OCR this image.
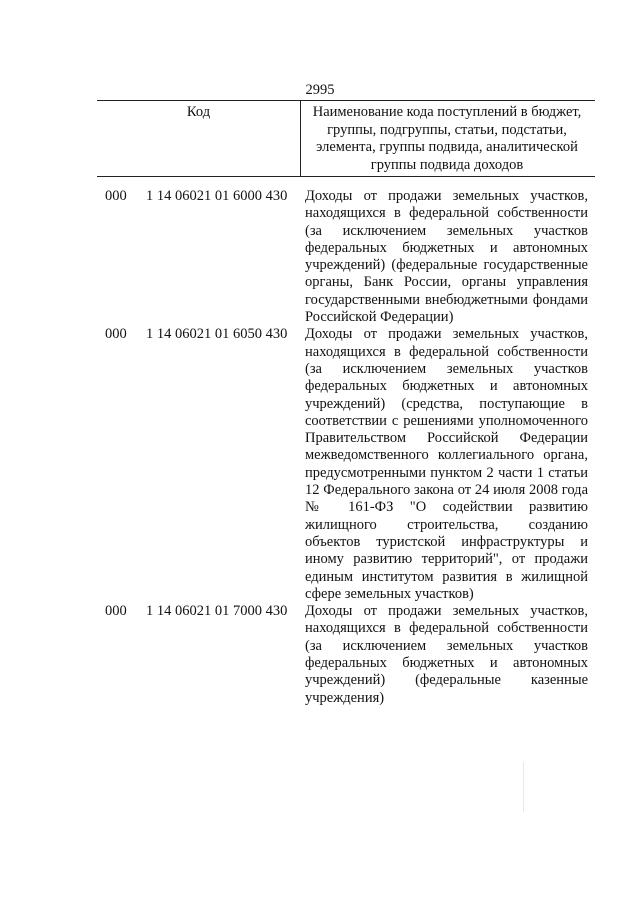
2995
Код	Наименование кода поступлений в бюджет, группы, подгруппы, статьи, подстатьи, элемента, группы подвида, аналитической группы подвида доходов
000 1 14 06021 01 6000 430 Доходы от продажи земельных участков, находящихся в федеральной собственности (за исключением земельных участков федеральных бюджетных и автономных учреждений) (федеральные государственные органы, Банк России, органы управления государственными внебюджетными фондами Российской Федерации)
000 1 14 06021 01 6050 430 Доходы от продажи земельных участков, находящихся в федеральной собственности (за исключением земельных участков федеральных бюджетных и автономных учреждений) (средства, поступающие в соответствии с решениями уполномоченного Правительством Российской Федерации межведомственного коллегиального органа, предусмотренными пунктом 2 части 1 статьи 12 Федерального закона от 24 июля 2008 года № 161-ФЗ "О содействии развитию жилищного строительства, созданию объектов туристской инфраструктуры и иному развитию территорий", от продажи единым институтом развития в жилищной сфере земельных участков)
000 1 14 06021 01 7000 430 Доходы от продажи земельных участков, находящихся в федеральной собственности (за исключением земельных участков федеральных бюджетных и автономных учреждений) (федеральные казенные учреждения)
